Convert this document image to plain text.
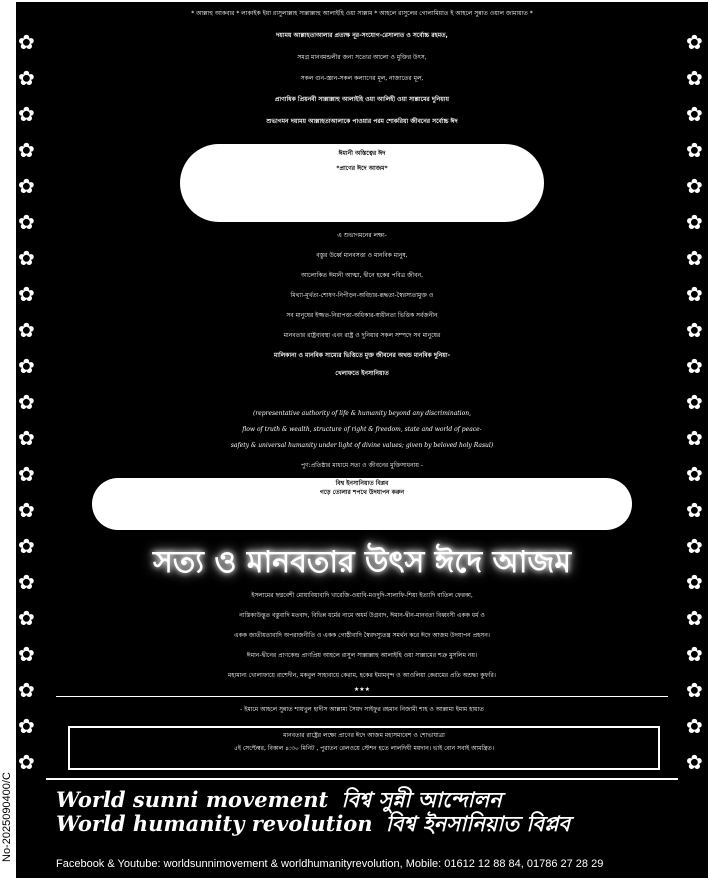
No-2025090400/C
✿	✿
✿	✿
✿	✿
✿	✿
✿	✿
✿	✿
✿	✿
✿	✿
✿	✿
✿	✿
✿	✿
✿	✿
✿	✿
✿	✿
✿	✿
✿	✿
✿	✿
✿	✿
✿	✿
✿	✿
✿	✿
* আল্লাহু আকবার * লাকাইক ইয়া রাসুলাল্লাহ সাল্লাল্লাহু আলাইহি ওয়া সাল্লাম * আহলে রাসুলের গোলামিয়াত ই আহলে সুন্নাত ওয়াল জামায়াত *
দয়াময় আল্লাহতাআলার প্রত্যক্ষ নূর-সংযোগ-রেসালাত ও সর্বোচ্চ রহমত,
সমগ্র মানবমন্ডলীর জন্য সত্যের আলো ও মুক্তির উৎস,
সকল গুন-জ্ঞান-সকল কল্যাণের মূল, নাজাতের মূল,
প্রাণাধিক প্রিয়নবী সাল্লাল্লাহু আলাইহি ওয়া আলিহী ওয়া সাল্লামের দুনিয়ায়
শুভাগমন দয়াময় আল্লাহতাআলাকে পাওয়ার পরম শোকরিয়া জীবনের সর্বোচ্চ ঈদ
ঈমানী অস্তিত্বের ঈদ
*প্রাণের ঈদে আজম*
এ শুভাগমনের লক্ষ্য-
বস্তুর উর্ধ্বে মানবসত্তা ও মানবিক মানুষ,
আলোকিত ঈমানী আত্মা, দ্বীনে হকের পবিত্র জীবন,
মিথ্যা-মূর্খতা-শোষণ-নিপীড়ন-অবিচার-রূদ্ধতা-স্বৈরস্যতামুক্ত ও
সব মানুষের ইজ্জত-নিরাপত্তা-অধিকার-স্বাধীনতা ভিত্তিক সর্বজনীন
মানবতার রাষ্ট্রব্যবস্থা এবং রাষ্ট্র ও দুনিয়ার সকল সম্পদে সব মানুষের
মালিকানা ও মানবিক সাম্যের ভিত্তিতে মুক্ত জীবনের অখন্ড মানবিক দুনিয়া-
খেলাফতে ইনসানিয়াত
(representative authority of life & humanity beyond any discrimination,
flow of truth & wealth, structure of right & freedom, state and world of peace-
safety & universal humanity under light of divine values; given by beloved holy Rasul)
পুণ:প্রতিষ্ঠার মাধ্যমে সত্য ও জীবনের মুক্তিসাধনায় -
বিশ্ব ইনসানিয়াত বিপ্লব
গড়ে তোলার শপথে উদযাপন করুন
সত্য ও মানবতার উৎস ঈদে আজম
ইসলামের ছদ্মবেশী মোয়াবিয়াবাদি খারেজি-ওয়াবি-মওদুদি-সালাফি-শিয়া ইত্যাদি বাতিল ফেরকা,
নাস্তিক্যউদ্ভূত বস্তুবাদি মতবাদ, বিভিন্ন ধর্মের নামে অধর্ম উগ্রবাদ, ঈমান-দ্বীন-মানবতা বিধ্বংসী একক ধর্ম ও
একক জাতীয়তাবাদি অপরাজনীতি ও একক গোষ্ঠীবাদি স্বৈরদস্যুতন্ত্র সমর্থন করে ঈদে আজম উদযাপন প্রহসন।
ঈমান-দ্বীনের প্রাণকেন্দ্র প্রাণপ্রিয় আহলে রাসুল সাল্লাল্লাহু আলাইহি ওয়া সাল্লামের শত্রু মুসলিম নয়।
মহামান্য খোলাফায়ে রাশেদীন, মকবুল সাহাবায়ে কেরাম, হকের ইমামবৃন্দ ও আওলিয়া কেরামের প্রতি অশ্রদ্ধা কুফরি।
★★★
- ইমামে আহলে সুন্নাত শায়খুল হাদীস আল্লামা সৈয়দ সাইফুর রহমান নিজামী শাহ ও আল্লামা ইমাম হায়াত
মানবতার রাষ্ট্রের লক্ষ্যে প্রাণের ঈদে আজম মহাসমাবেশ ও শোভাযাত্রা
৫ই সেপ্টেম্বর, বিকাল ৪:৩০ মিনিট , পুরাতন রেলওয়ে স্টেশন হতে লালদিঘী ময়দান। ভাই বোন সবাই আমন্ত্রিত।
World sunni movement বিশ্ব সুন্নী আন্দোলন
World humanity revolution বিশ্ব ইনসানিয়াত বিপ্লব
Facebook & Youtube: worldsunnimovement & worldhumanityrevolution, Mobile: 01612 12 88 84, 01786 27 28 29
